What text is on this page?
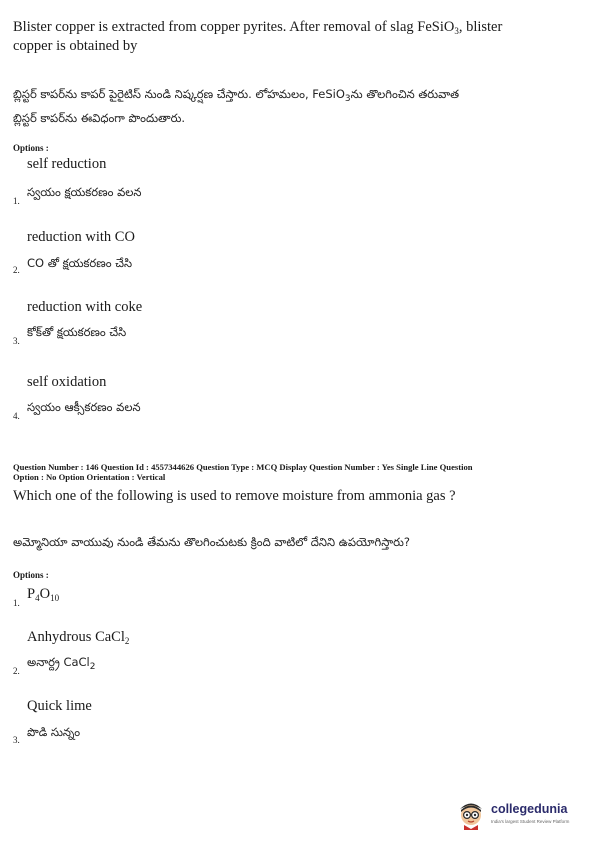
Blister copper is extracted from copper pyrites. After removal of slag FeSiO$_3$, blister
copper is obtained by
బ్లిస్టర్ కాపర్‌ను కాపర్ పైరైటిస్ నుండి నిష్కర్షణ చేస్తారు. లోహమలం, FeSiO$_3$ను తొలగించిన తరువాత
బ్లిస్టర్ కాపర్‌ను ఈవిధంగా పొందుతారు.
Options :
self reduction
స్వయం క్షయకరణం వలన
1.
reduction with CO
CO తో క్షయకరణం చేసి
2.
reduction with coke
కోక్‌తో క్షయకరణం చేసి
3.
self oxidation
స్వయం ఆక్సీకరణం వలన
4.
Question Number : 146 Question Id : 4557344626 Question Type : MCQ Display Question Number : Yes Single Line Question
Option : No Option Orientation : Vertical
Which one of the following is used to remove moisture from ammonia gas ?
అమ్మోనియా వాయువు నుండి తేమను తొలగించుటకు క్రింది వాటిలో దేనిని ఉపయోగిస్తారు?
Options :
$P_4O_{10}$
1.
Anhydrous CaCl$_2$
అనార్ద్ర CaCl$_2$
2.
Quick lime
పొడి సున్నం
3.
collegedunia
India's largest Student Review Platform
